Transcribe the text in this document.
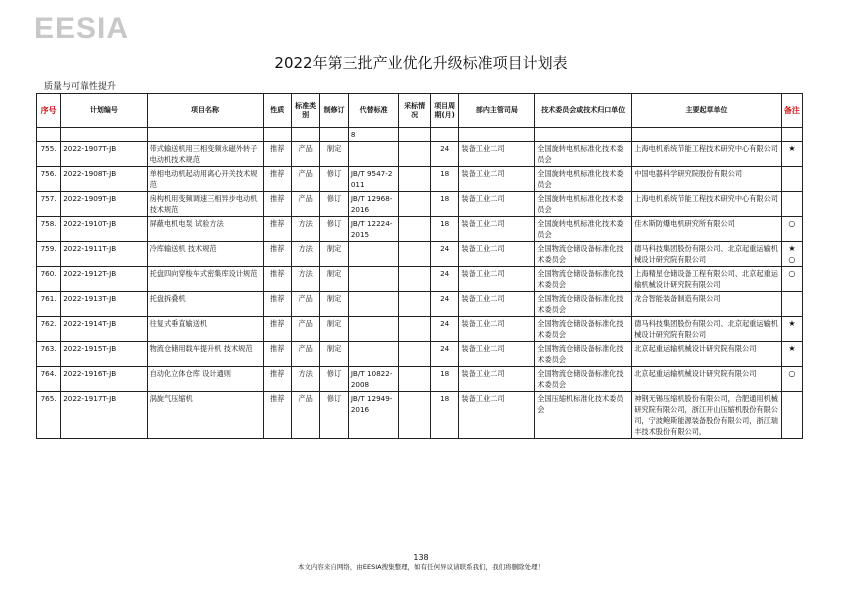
EESIA
2022年第三批产业优化升级标准项目计划表
质量与可靠性提升
序号	计划编号	项目名称	性质	标准类别	制修订	代替标准	采标情况	项目周期(月)	部内主管司局	技术委员会或技术归口单位	主要起草单位	备注
						8						
755.	2022-1907T-JB	带式输送机用三相变频永磁外转子电动机技术规范	推荐	产品	制定			24	装备工业二司	全国旋转电机标准化技术委员会	上海电机系统节能工程技术研究中心有限公司	★
756.	2022-1908T-JB	单相电动机起动用离心开关技术规范	推荐	产品	修订	JB/T 9547-2011		18	装备工业二司	全国旋转电机标准化技术委员会	中国电器科学研究院股份有限公司	
757.	2022-1909T-JB	房构机用变频调速三相异步电动机技术规范	推荐	产品	修订	JB/T 12968-2016		18	装备工业二司	全国旋转电机标准化技术委员会	上海电机系统节能工程技术研究中心有限公司	
758.	2022-1910T-JB	屏蔽电机电泵 试验方法	推荐	方法	修订	JB/T 12224-2015		18	装备工业二司	全国旋转电机标准化技术委员会	佳木斯防爆电机研究所有限公司	○
759.	2022-1911T-JB	冷库输送机 技术规范	推荐	方法	制定			24	装备工业二司	全国物流仓储设备标准化技术委员会	德马科技集团股份有限公司、北京起重运输机械设计研究院有限公司	★ ○
760.	2022-1912T-JB	托盘四向穿梭车式密集库设计规范	推荐	方法	制定			24	装备工业二司	全国物流仓储设备标准化技术委员会	上海精星仓储设备工程有限公司、北京起重运输机械设计研究院有限公司	○
761.	2022-1913T-JB	托盘拆叠机	推荐	产品	制定			24	装备工业二司	全国物流仓储设备标准化技术委员会	龙合智能装备制造有限公司	
762.	2022-1914T-JB	往复式垂直输送机	推荐	产品	制定			24	装备工业二司	全国物流仓储设备标准化技术委员会	德马科技集团股份有限公司、北京起重运输机械设计研究院有限公司	★
763.	2022-1915T-JB	物流仓储用载车提升机 技术规范	推荐	产品	制定			24	装备工业二司	全国物流仓储设备标准化技术委员会	北京起重运输机械设计研究院有限公司	★
764.	2022-1916T-JB	自动化立体仓库 设计通则	推荐	方法	修订	JB/T 10822-2008		18	装备工业二司	全国物流仓储设备标准化技术委员会	北京起重运输机械设计研究院有限公司	○
765.	2022-1917T-JB	涡旋气压缩机	推荐	产品	修订	JB/T 12949-2016		18	装备工业二司	全国压缩机标准化技术委员会	神钢无锡压缩机股份有限公司，合肥通用机械研究院有限公司，浙江开山压缩机股份有限公司，宁波鲍斯能源装备股份有限公司，浙江瑞丰技术股份有限公司，	
138
本文内容来自网络，由EESIA搜集整理，如有任何异议请联系我们，我们将删除处理！
